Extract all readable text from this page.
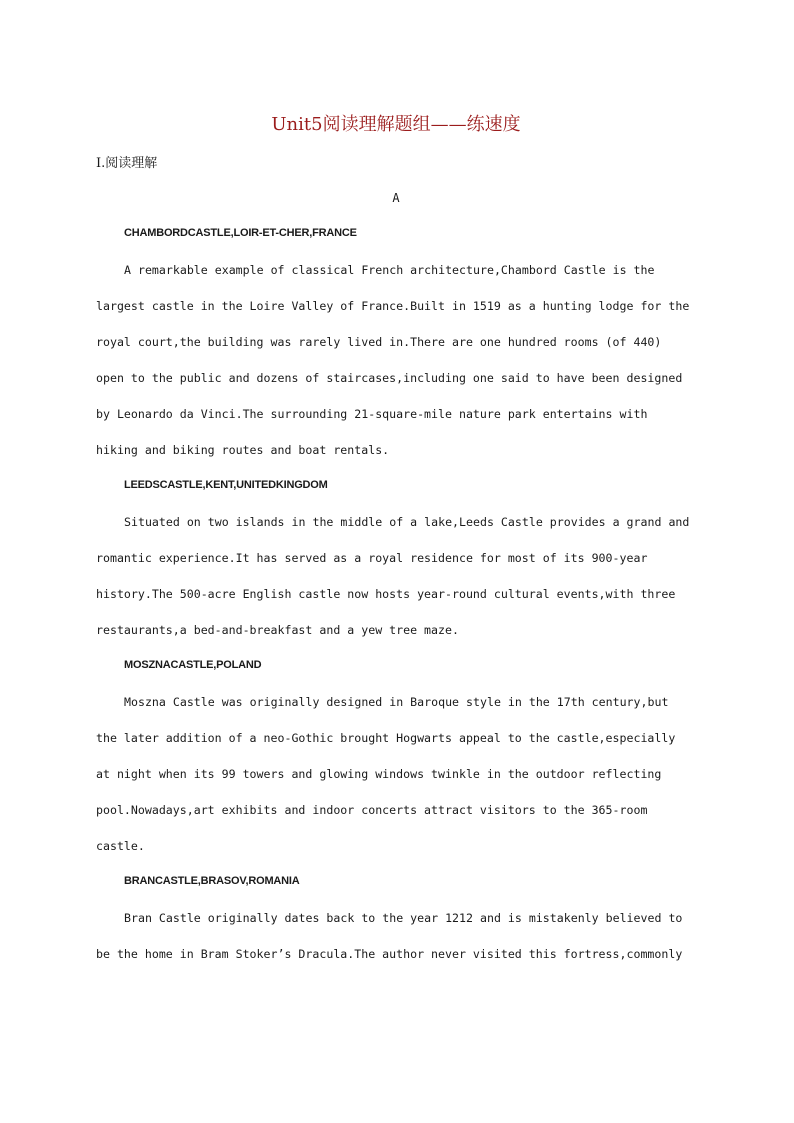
Unit5阅读理解题组——练速度
Ⅰ.阅读理解
A
CHAMBORDCASTLE,LOIR-ET-CHER,FRANCE
A remarkable example of classical French architecture,Chambord Castle is the
largest castle in the Loire Valley of France.Built in 1519 as a hunting lodge for the
royal court,the building was rarely lived in.There are one hundred rooms (of 440)
open to the public and dozens of staircases,including one said to have been designed
by Leonardo da Vinci.The surrounding 21-square-mile nature park entertains with
hiking and biking routes and boat rentals.
LEEDSCASTLE,KENT,UNITEDKINGDOM
Situated on two islands in the middle of a lake,Leeds Castle provides a grand and
romantic experience.It has served as a royal residence for most of its 900-year
history.The 500-acre English castle now hosts year-round cultural events,with three
restaurants,a bed-and-breakfast and a yew tree maze.
MOSZNACASTLE,POLAND
Moszna Castle was originally designed in Baroque style in the 17th century,but
the later addition of a neo-Gothic brought Hogwarts appeal to the castle,especially
at night when its 99 towers and glowing windows twinkle in the outdoor reflecting
pool.Nowadays,art exhibits and indoor concerts attract visitors to the 365-room
castle.
BRANCASTLE,BRASOV,ROMANIA
Bran Castle originally dates back to the year 1212 and is mistakenly believed to
be the home in Bram Stoker’s Dracula.The author never visited this fortress,commonly
